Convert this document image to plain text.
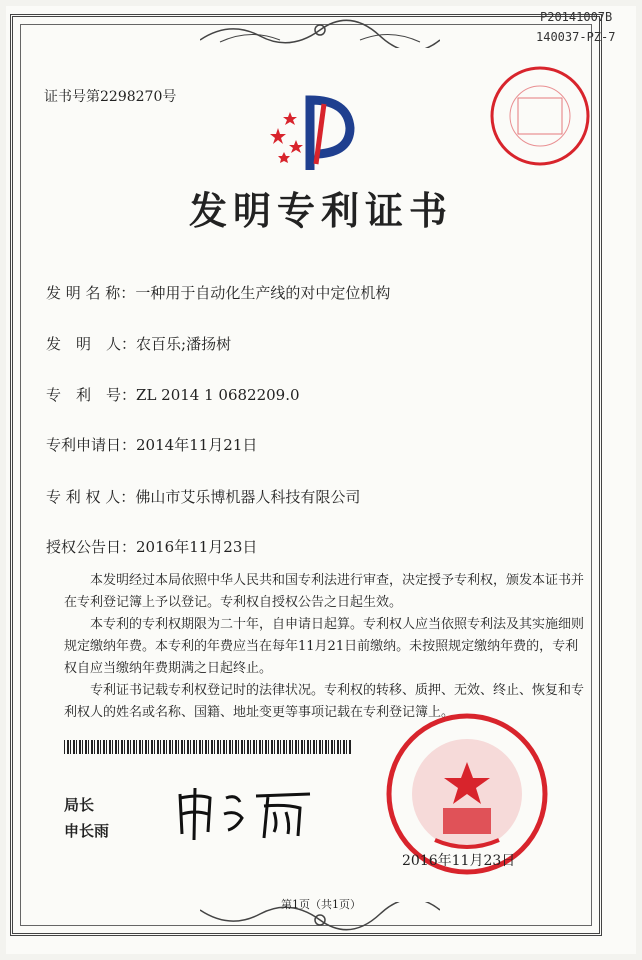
P20141007B
140037-PZ-7
证书号第2298270号
发明专利证书
发 明 名 称：一种用于自动化生产线的对中定位机构
发　明　人：农百乐;潘扬树
专　利　号：ZL 2014 1 0682209.0
专利申请日：2014年11月21日
专 利 权 人：佛山市艾乐博机器人科技有限公司
授权公告日：2016年11月23日
本发明经过本局依照中华人民共和国专利法进行审查，决定授予专利权，颁发本证书并在专利登记簿上予以登记。专利权自授权公告之日起生效。
本专利的专利权期限为二十年，自申请日起算。专利权人应当依照专利法及其实施细则规定缴纳年费。本专利的年费应当在每年11月21日前缴纳。未按照规定缴纳年费的，专利权自应当缴纳年费期满之日起终止。
专利证书记载专利权登记时的法律状况。专利权的转移、质押、无效、终止、恢复和专利权人的姓名或名称、国籍、地址变更等事项记载在专利登记簿上。
局长
申长雨
2016年11月23日
第1页（共1页）
